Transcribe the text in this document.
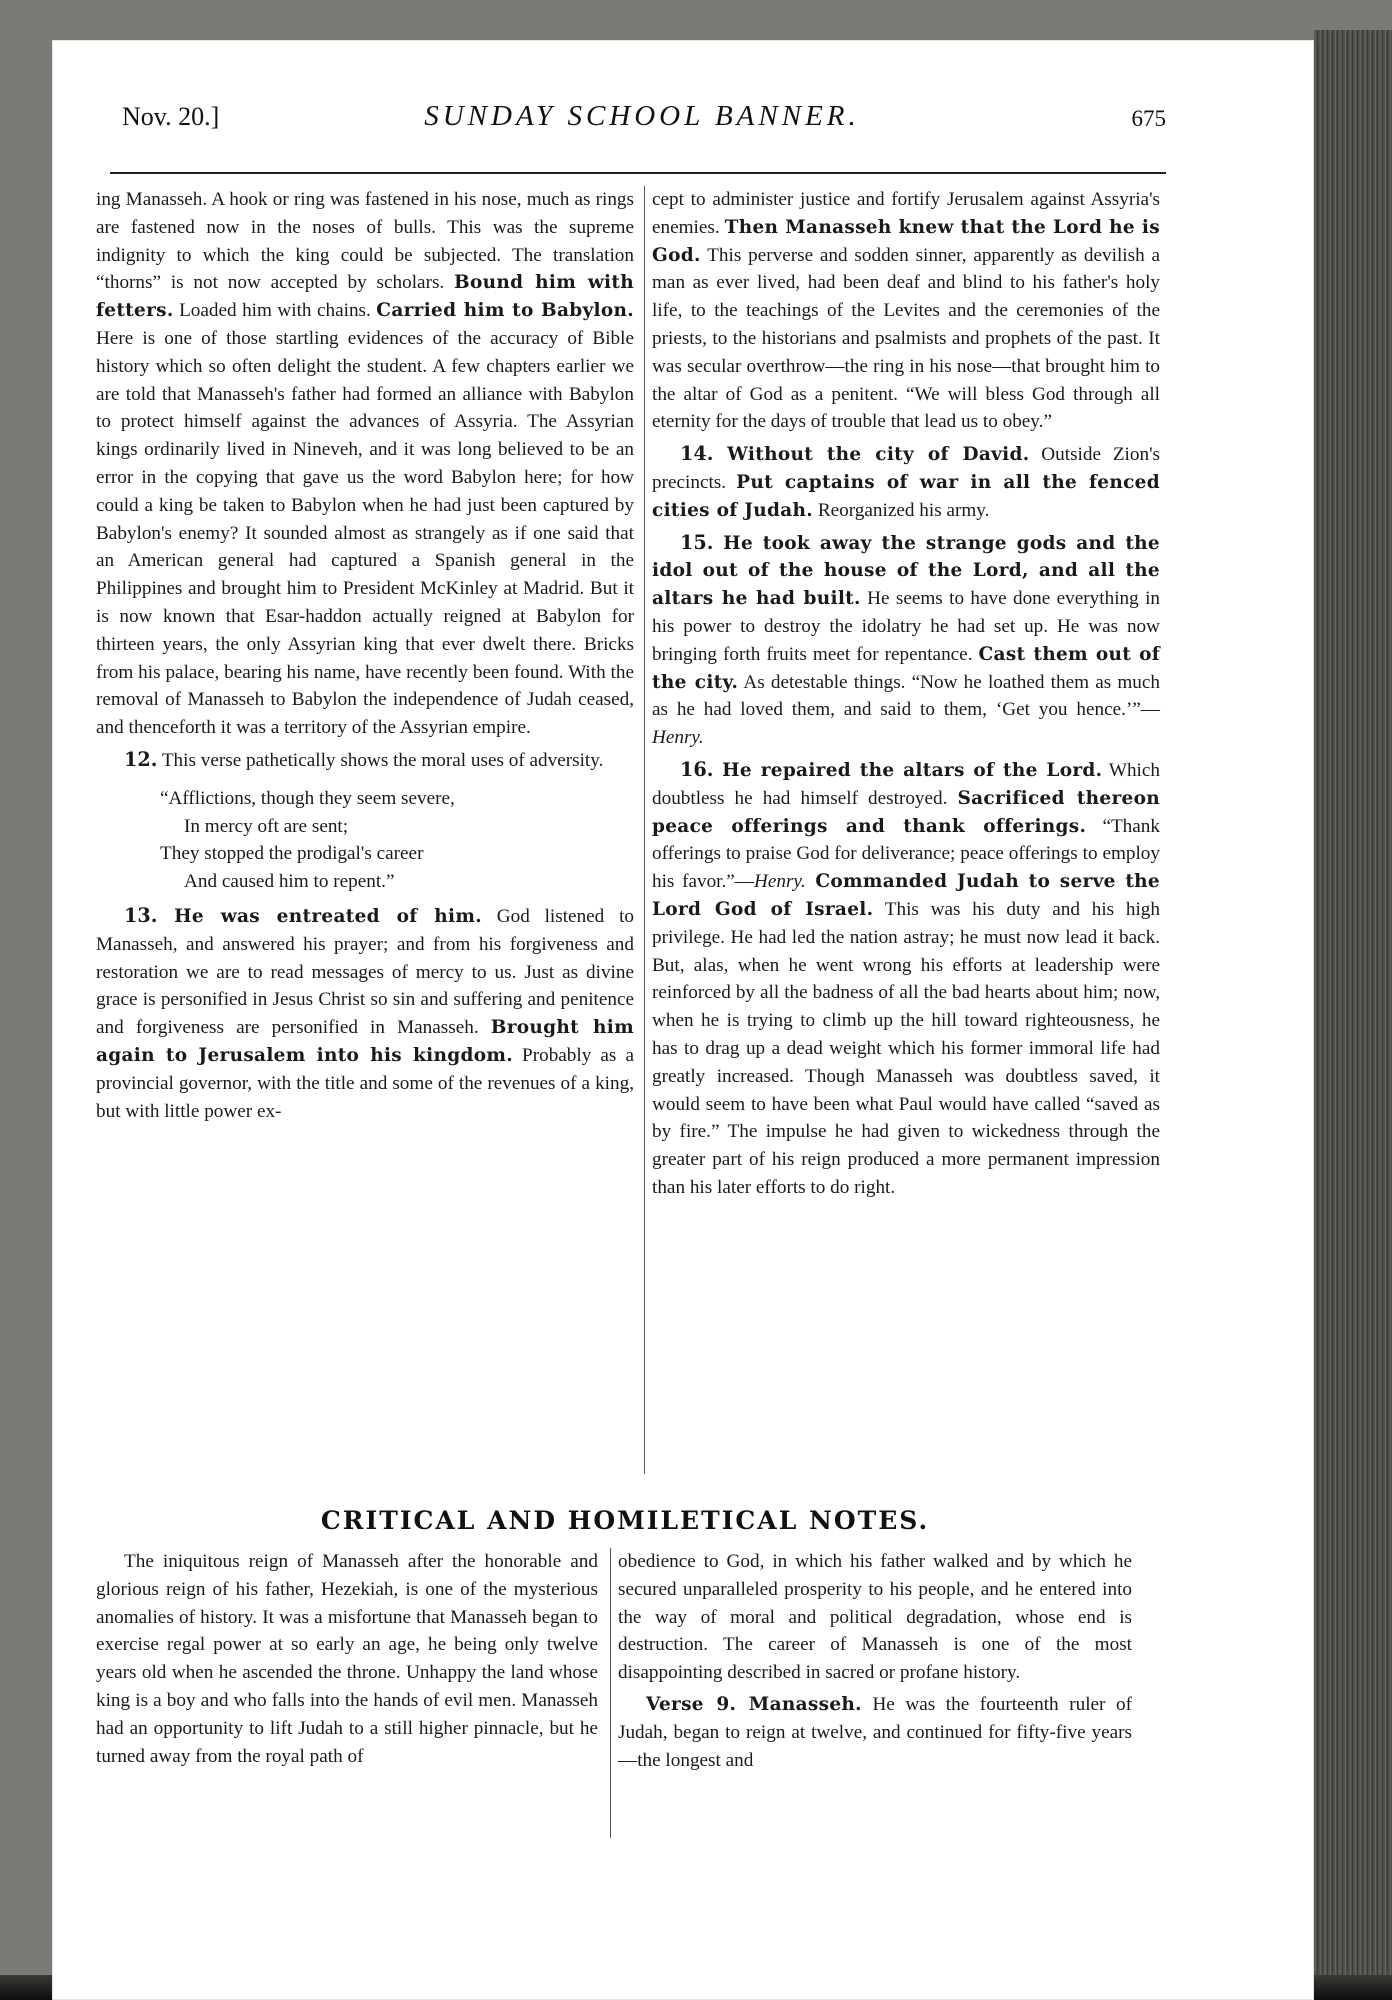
Nov. 20.]	SUNDAY SCHOOL BANNER.	675

ing Manasseh. A hook or ring was fastened in his nose, much as rings are fastened now in the noses of bulls. This was the supreme indignity to which the king could be subjected. The translation “thorns” is not now accepted by scholars. Bound him with fetters. Loaded him with chains. Carried him to Babylon. Here is one of those startling evidences of the accuracy of Bible history which so often delight the student. A few chapters earlier we are told that Manasseh's father had formed an alliance with Babylon to protect himself against the advances of Assyria. The Assyrian kings ordinarily lived in Nineveh, and it was long believed to be an error in the copying that gave us the word Babylon here; for how could a king be taken to Babylon when he had just been captured by Babylon's enemy? It sounded almost as strangely as if one said that an American general had captured a Spanish general in the Philippines and brought him to President McKinley at Madrid. But it is now known that Esar-haddon actually reigned at Babylon for thirteen years, the only Assyrian king that ever dwelt there. Bricks from his palace, bearing his name, have recently been found. With the removal of Manasseh to Babylon the independence of Judah ceased, and thenceforth it was a territory of the Assyrian empire.

12. This verse pathetically shows the moral uses of adversity.

“Afflictions, though they seem severe,
In mercy oft are sent;
They stopped the prodigal's career
And caused him to repent.”

13. He was entreated of him. God listened to Manasseh, and answered his prayer; and from his forgiveness and restoration we are to read messages of mercy to us. Just as divine grace is personified in Jesus Christ so sin and suffering and penitence and forgiveness are personified in Manasseh. Brought him again to Jerusalem into his kingdom. Probably as a provincial governor, with the title and some of the revenues of a king, but with little power ex-

cept to administer justice and fortify Jerusalem against Assyria's enemies. Then Manasseh knew that the Lord he is God. This perverse and sodden sinner, apparently as devilish a man as ever lived, had been deaf and blind to his father's holy life, to the teachings of the Levites and the ceremonies of the priests, to the historians and psalmists and prophets of the past. It was secular overthrow—the ring in his nose—that brought him to the altar of God as a penitent. “We will bless God through all eternity for the days of trouble that lead us to obey.”

14. Without the city of David. Outside Zion's precincts. Put captains of war in all the fenced cities of Judah. Reorganized his army.

15. He took away the strange gods and the idol out of the house of the Lord, and all the altars he had built. He seems to have done everything in his power to destroy the idolatry he had set up. He was now bringing forth fruits meet for repentance. Cast them out of the city. As detestable things. “Now he loathed them as much as he had loved them, and said to them, ‘Get you hence.’”—Henry.

16. He repaired the altars of the Lord. Which doubtless he had himself destroyed. Sacrificed thereon peace offerings and thank offerings. “Thank offerings to praise God for deliverance; peace offerings to employ his favor.”—Henry. Commanded Judah to serve the Lord God of Israel. This was his duty and his high privilege. He had led the nation astray; he must now lead it back. But, alas, when he went wrong his efforts at leadership were reinforced by all the badness of all the bad hearts about him; now, when he is trying to climb up the hill toward righteousness, he has to drag up a dead weight which his former immoral life had greatly increased. Though Manasseh was doubtless saved, it would seem to have been what Paul would have called “saved as by fire.” The impulse he had given to wickedness through the greater part of his reign produced a more permanent impression than his later efforts to do right.

CRITICAL AND HOMILETICAL NOTES.

The iniquitous reign of Manasseh after the honorable and glorious reign of his father, Hezekiah, is one of the mysterious anomalies of history. It was a misfortune that Manasseh began to exercise regal power at so early an age, he being only twelve years old when he ascended the throne. Unhappy the land whose king is a boy and who falls into the hands of evil men. Manasseh had an opportunity to lift Judah to a still higher pinnacle, but he turned away from the royal path of

obedience to God, in which his father walked and by which he secured unparalleled prosperity to his people, and he entered into the way of moral and political degradation, whose end is destruction. The career of Manasseh is one of the most disappointing described in sacred or profane history.

Verse 9. Manasseh. He was the fourteenth ruler of Judah, began to reign at twelve, and continued for fifty-five years—the longest and
